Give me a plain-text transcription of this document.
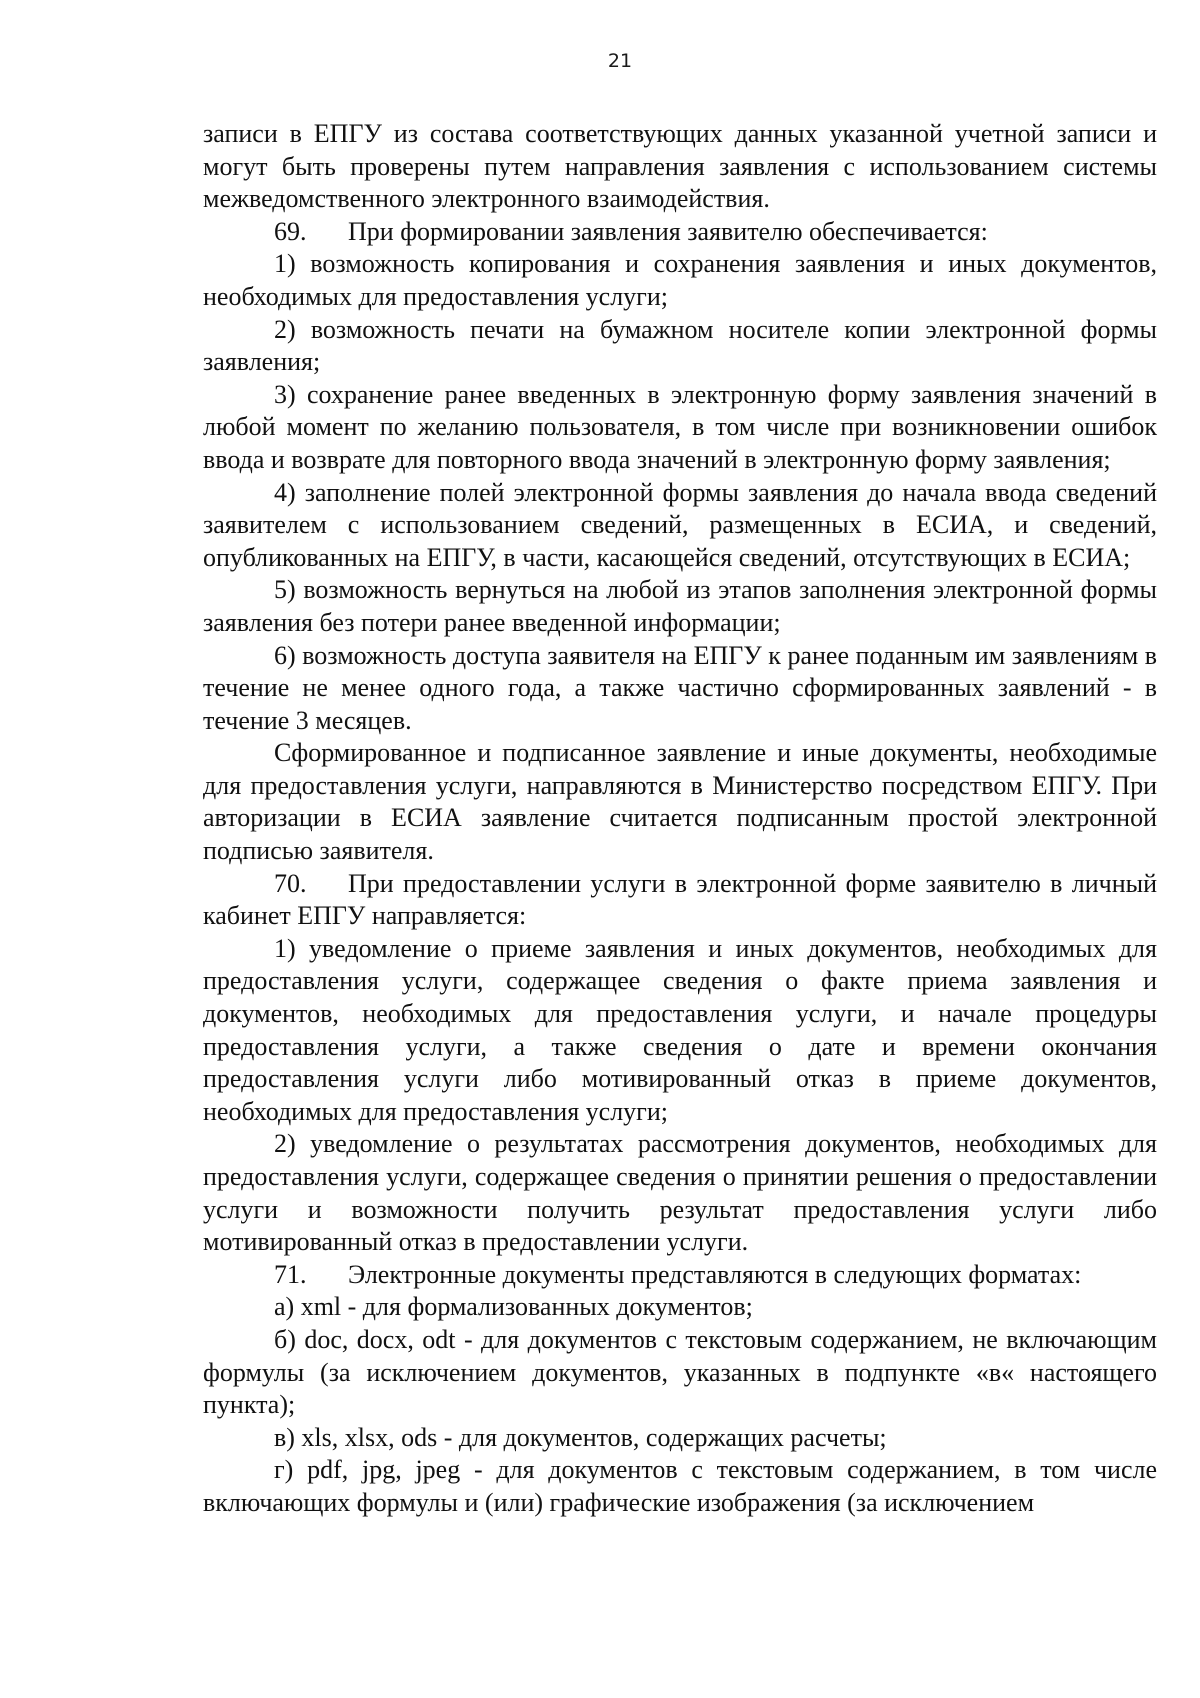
21

записи в ЕПГУ из состава соответствующих данных указанной учетной записи и могут быть проверены путем направления заявления с использованием системы межведомственного электронного взаимодействия.

69. При формировании заявления заявителю обеспечивается:

1) возможность копирования и сохранения заявления и иных документов, необходимых для предоставления услуги;

2) возможность печати на бумажном носителе копии электронной формы заявления;

3) сохранение ранее введенных в электронную форму заявления значений в любой момент по желанию пользователя, в том числе при возникновении ошибок ввода и возврате для повторного ввода значений в электронную форму заявления;

4) заполнение полей электронной формы заявления до начала ввода сведений заявителем с использованием сведений, размещенных в ЕСИА, и сведений, опубликованных на ЕПГУ, в части, касающейся сведений, отсутствующих в ЕСИА;

5) возможность вернуться на любой из этапов заполнения электронной формы заявления без потери ранее введенной информации;

6) возможность доступа заявителя на ЕПГУ к ранее поданным им заявлениям в течение не менее одного года, а также частично сформированных заявлений - в течение 3 месяцев.

Сформированное и подписанное заявление и иные документы, необходимые для предоставления услуги, направляются в Министерство посредством ЕПГУ. При авторизации в ЕСИА заявление считается подписанным простой электронной подписью заявителя.

70. При предоставлении услуги в электронной форме заявителю в личный кабинет ЕПГУ направляется:

1) уведомление о приеме заявления и иных документов, необходимых для предоставления услуги, содержащее сведения о факте приема заявления и документов, необходимых для предоставления услуги, и начале процедуры предоставления услуги, а также сведения о дате и времени окончания предоставления услуги либо мотивированный отказ в приеме документов, необходимых для предоставления услуги;

2) уведомление о результатах рассмотрения документов, необходимых для предоставления услуги, содержащее сведения о принятии решения о предоставлении услуги и возможности получить результат предоставления услуги либо мотивированный отказ в предоставлении услуги.

71. Электронные документы представляются в следующих форматах:

а) xml - для формализованных документов;

б) doc, docx, odt - для документов с текстовым содержанием, не включающим формулы (за исключением документов, указанных в подпункте «в« настоящего пункта);

в) xls, xlsx, ods - для документов, содержащих расчеты;

г) pdf, jpg, jpeg - для документов с текстовым содержанием, в том числе включающих формулы и (или) графические изображения (за исключением
